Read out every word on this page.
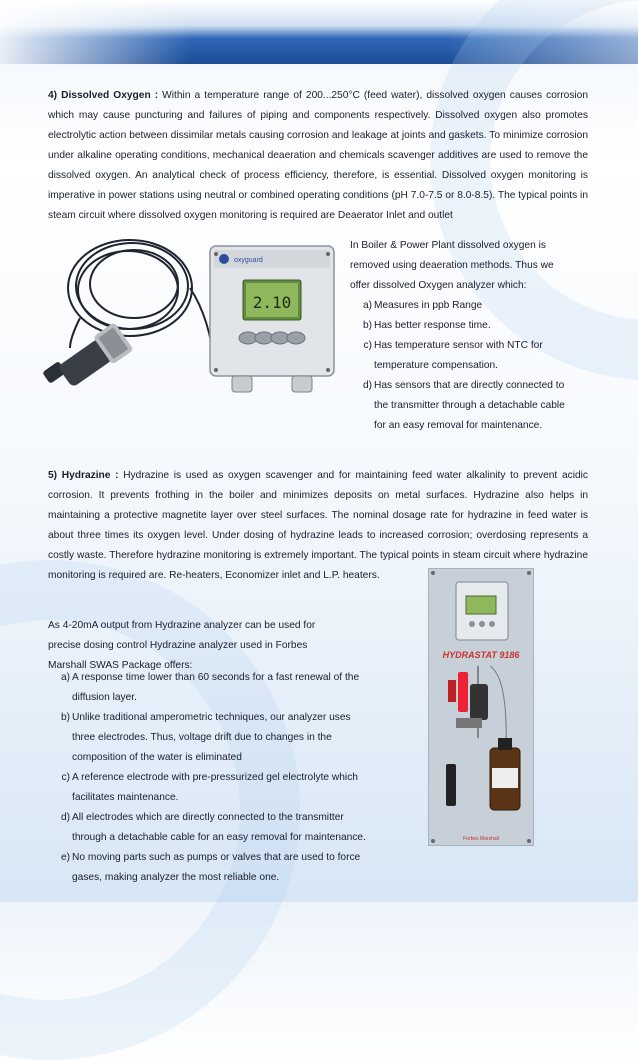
4) Dissolved Oxygen : Within a temperature range of 200...250°C (feed water), dissolved oxygen causes corrosion which may cause puncturing and failures of piping and components respectively. Dissolved oxygen also promotes electrolytic action between dissimilar metals causing corrosion and leakage at joints and gaskets. To minimize corrosion under alkaline operating conditions, mechanical deaeration and chemicals scavenger additives are used to remove the dissolved oxygen. An analytical check of process efficiency, therefore, is essential. Dissolved oxygen monitoring is imperative in power stations using neutral or combined operating conditions (pH 7.0-7.5 or 8.0-8.5). The typical points in steam circuit where dissolved oxygen monitoring is required are Deaerator Inlet and outlet

oxyguard
2.10

In Boiler & Power Plant dissolved oxygen is removed using deaeration methods. Thus we offer dissolved Oxygen analyzer which:

a) Measures in ppb Range
b) Has better response time.
c) Has temperature sensor with NTC for temperature compensation.
d) Has sensors that are directly connected to the transmitter through a detachable cable for an easy removal for maintenance.

5) Hydrazine : Hydrazine is used as oxygen scavenger and for maintaining feed water alkalinity to prevent acidic corrosion. It prevents frothing in the boiler and minimizes deposits on metal surfaces. Hydrazine also helps in maintaining a protective magnetite layer over steel surfaces. The nominal dosage rate for hydrazine in feed water is about three times its oxygen level. Under dosing of hydrazine leads to increased corrosion; overdosing represents a costly waste. Therefore hydrazine monitoring is extremely important. The typical points in steam circuit where hydrazine monitoring is required are. Re-heaters, Economizer inlet and L.P. heaters.

As 4-20mA output from Hydrazine analyzer can be used for precise dosing control Hydrazine analyzer used in Forbes Marshall SWAS Package offers:

a) A response time lower than 60 seconds for a fast renewal of the diffusion layer.
b) Unlike traditional amperometric techniques, our analyzer uses three electrodes. Thus, voltage drift due to changes in the composition of the water is eliminated
c) A reference electrode with pre-pressurized gel electrolyte which facilitates maintenance.
d) All electrodes which are directly connected to the transmitter through a detachable cable for an easy removal for maintenance.
e) No moving parts such as pumps or valves that are used to force gases, making analyzer the most reliable one.
HYDRASTAT 9186
Forbes Marshall
